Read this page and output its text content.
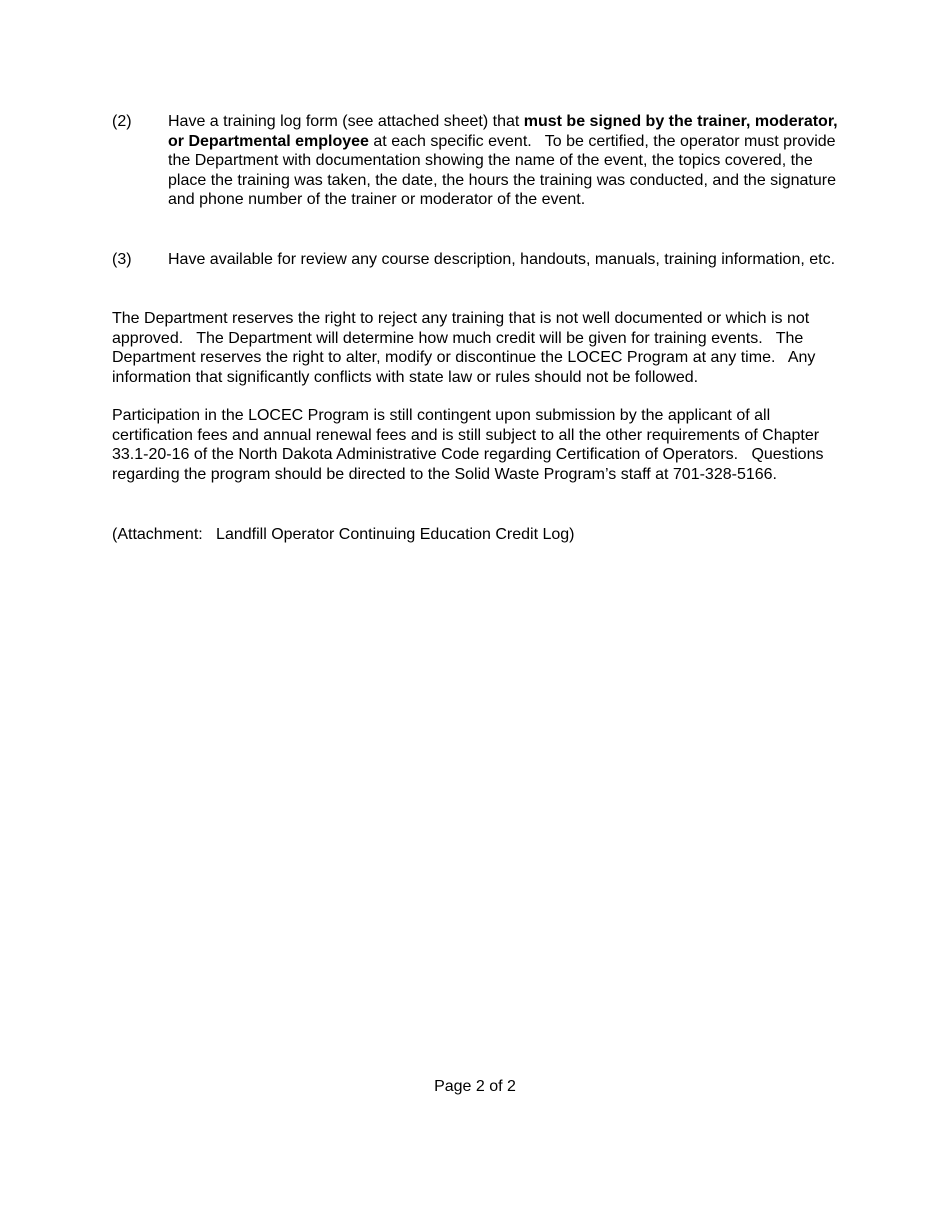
(2) Have a training log form (see attached sheet) that must be signed by the trainer, moderator, or Departmental employee at each specific event.   To be certified, the operator must provide the Department with documentation showing the name of the event, the topics covered, the place the training was taken, the date, the hours the training was conducted, and the signature and phone number of the trainer or moderator of the event.
(3) Have available for review any course description, handouts, manuals, training information, etc.
The Department reserves the right to reject any training that is not well documented or which is not approved.   The Department will determine how much credit will be given for training events.   The Department reserves the right to alter, modify or discontinue the LOCEC Program at any time.   Any information that significantly conflicts with state law or rules should not be followed.
Participation in the LOCEC Program is still contingent upon submission by the applicant of all certification fees and annual renewal fees and is still subject to all the other requirements of Chapter 33.1-20-16 of the North Dakota Administrative Code regarding Certification of Operators.   Questions regarding the program should be directed to the Solid Waste Program’s staff at 701-328-5166.
(Attachment:   Landfill Operator Continuing Education Credit Log)
Page 2 of 2
